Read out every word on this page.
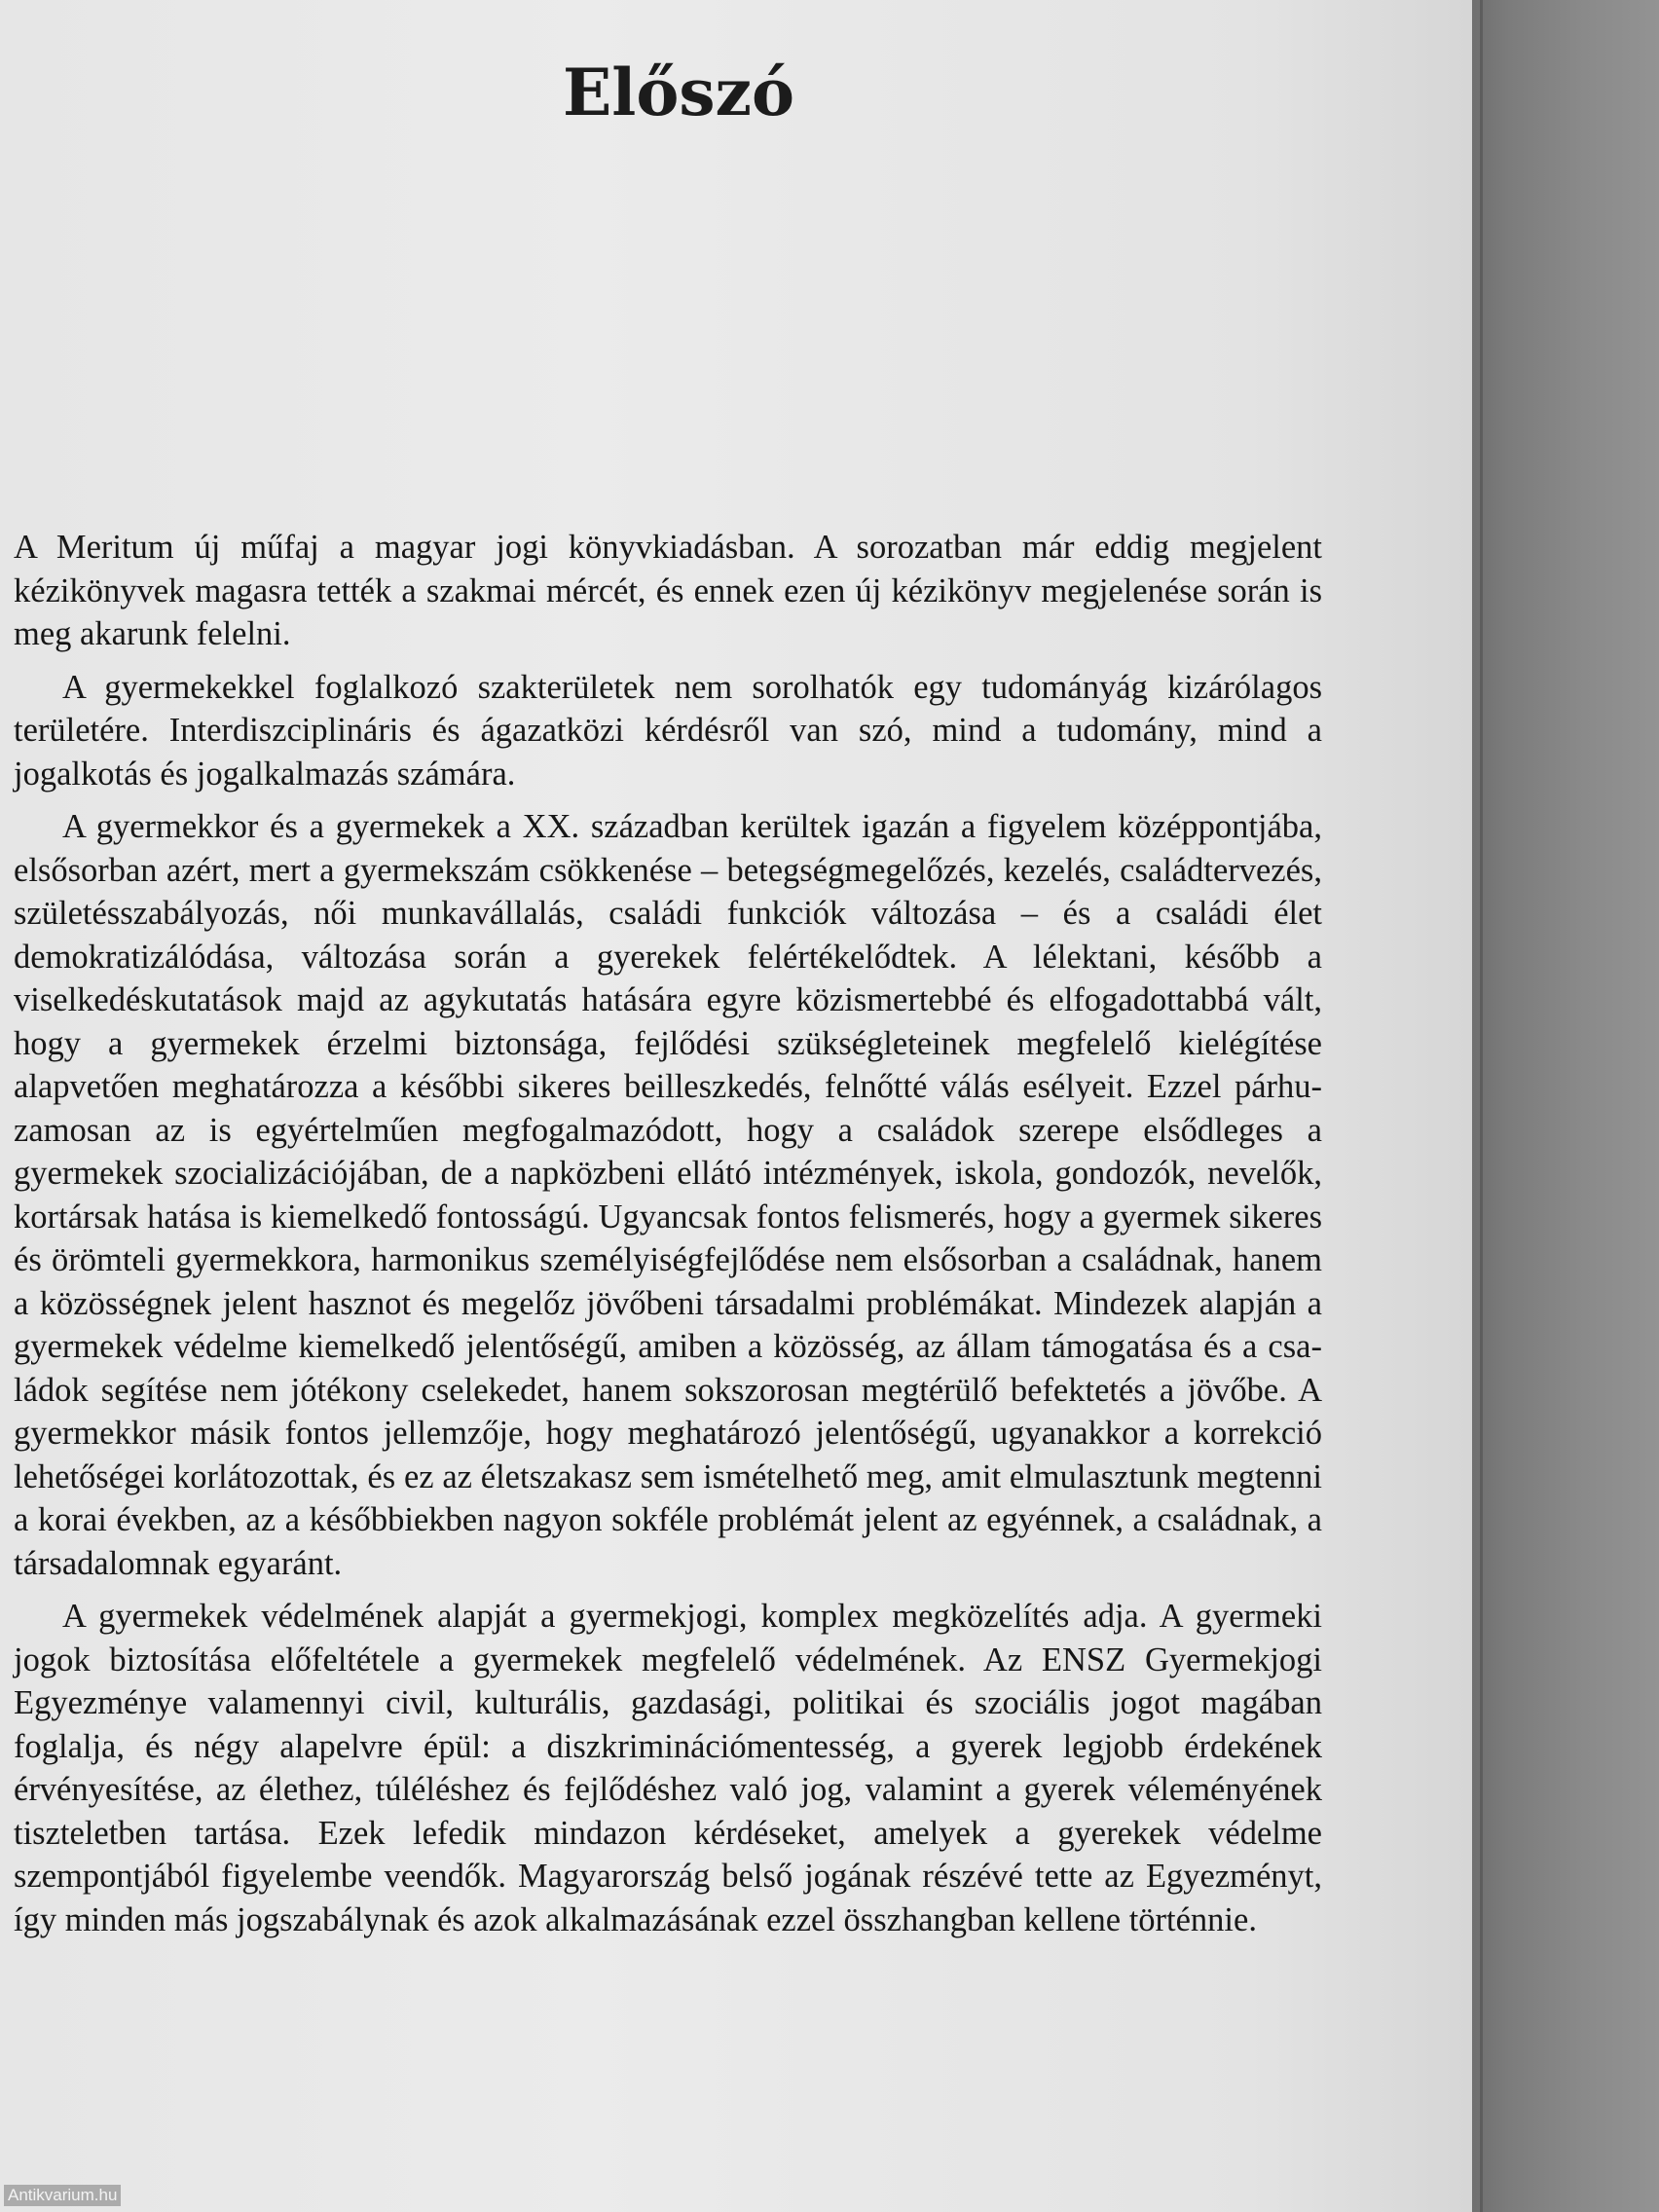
Előszó

A Meritum új műfaj a magyar jogi könyvkiadásban. A sorozatban már eddig megjelent kézikönyvek magasra tették a szakmai mércét, és ennek ezen új kézikönyv megjelenése során is meg akarunk felelni.

A gyermekekkel foglalkozó szakterületek nem sorolhatók egy tudományág kizárólagos területére. Interdiszciplináris és ágazatközi kérdésről van szó, mind a tudomány, mind a jogalkotás és jogalkalmazás számára.

A gyermekkor és a gyermekek a XX. században kerültek igazán a figyelem középpontjába, elsősorban azért, mert a gyermekszám csökkenése – betegségmegelőzés, kezelés, családtervezés, születésszabályozás, női munkavállalás, családi funkciók változása – és a családi élet demokratizálódása, változása során a gyerekek felértékelődtek. A lélektani, később a viselkedéskutatások majd az agykutatás hatására egyre közismertebbé és elfogadottabbá vált, hogy a gyermekek érzelmi biztonsága, fejlődési szükségleteinek megfelelő kielégítése alapvetően meghatározza a későbbi sikeres beilleszkedés, felnőtté válás esélyeit. Ezzel párhuzamosan az is egyértelműen megfogalmazódott, hogy a családok szerepe elsődleges a gyermekek szocializációjában, de a napközbeni ellátó intézmények, iskola, gondozók, nevelők, kortársak hatása is kiemelkedő fontosságú. Ugyancsak fontos felismerés, hogy a gyermek sikeres és örömteli gyermekkora, harmonikus személyiségfejlődése nem elsősorban a családnak, hanem a közösségnek jelent hasznot és megelőz jövőbeni társadalmi problémákat. Mindezek alapján a gyermekek védelme kiemelkedő jelentőségű, amiben a közösség, az állam támogatása és a családok segítése nem jótékony cselekedet, hanem sokszorosan megtérülő befektetés a jövőbe. A gyermekkor másik fontos jellemzője, hogy meghatározó jelentőségű, ugyanakkor a korrekció lehetőségei korlátozottak, és ez az életszakasz sem ismételhető meg, amit elmulasztunk megtenni a korai években, az a későbbiekben nagyon sokféle problémát jelent az egyénnek, a családnak, a társadalomnak egyaránt.

A gyermekek védelmének alapját a gyermekjogi, komplex megközelítés adja. A gyermeki jogok biztosítása előfeltétele a gyermekek megfelelő védelmének. Az ENSZ Gyermekjogi Egyezménye valamennyi civil, kulturális, gazdasági, politikai és szociális jogot magában foglalja, és négy alapelvre épül: a diszkriminációmentesség, a gyerek legjobb érdekének érvényesítése, az élethez, túléléshez és fejlődéshez való jog, valamint a gyerek véleményének tiszteletben tartása. Ezek lefedik mindazon kérdéseket, amelyek a gyerekek védelme szempontjából figyelembe veendők. Magyarország belső jogának részévé tette az Egyezményt, így minden más jogszabálynak és azok alkalmazásának ezzel összhangban kellene történnie.

Antikvarium.hu
